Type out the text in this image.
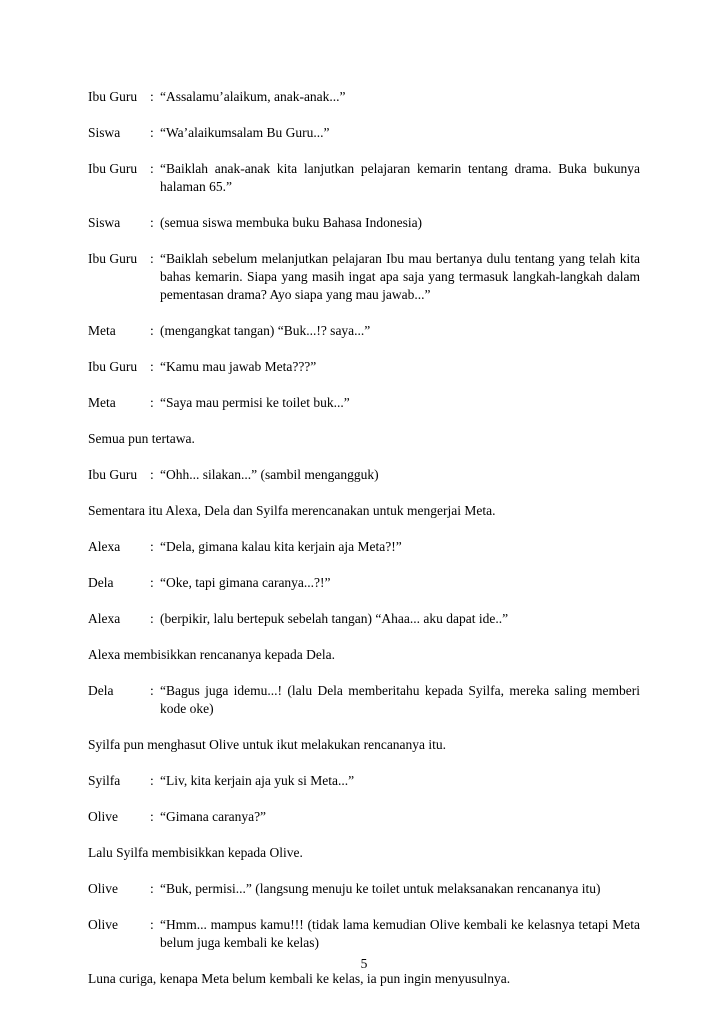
Ibu Guru : “Assalamu’alaikum, anak-anak...”
Siswa	: “Wa’alaikumsalam Bu Guru...”
Ibu Guru : “Baiklah anak-anak kita lanjutkan pelajaran kemarin tentang drama. Buka bukunya halaman 65.”
Siswa	: (semua siswa membuka buku Bahasa Indonesia)
Ibu Guru : “Baiklah sebelum melanjutkan pelajaran Ibu mau bertanya dulu tentang yang telah kita bahas kemarin. Siapa yang masih ingat apa saja yang termasuk langkah-langkah dalam pementasan drama? Ayo siapa yang mau jawab...”
Meta	: (mengangkat tangan) “Buk...!? saya...”
Ibu Guru : “Kamu mau jawab Meta???”
Meta	: “Saya mau permisi ke toilet buk...”
Semua pun tertawa.
Ibu Guru : “Ohh... silakan...” (sambil mengangguk)
Sementara itu Alexa, Dela dan Syilfa merencanakan untuk mengerjai Meta.
Alexa	: “Dela, gimana kalau kita kerjain aja Meta?!”
Dela	: “Oke, tapi gimana caranya...?!”
Alexa	: (berpikir, lalu bertepuk sebelah tangan) “Ahaa... aku dapat ide..”
Alexa membisikkan rencananya kepada Dela.
Dela	: “Bagus juga idemu...! (lalu Dela memberitahu kepada Syilfa, mereka saling memberi kode oke)
Syilfa pun menghasut Olive untuk ikut melakukan rencananya itu.
Syilfa	: “Liv, kita kerjain aja yuk si Meta...”
Olive	: “Gimana caranya?”
Lalu Syilfa membisikkan kepada Olive.
Olive	: “Buk, permisi...” (langsung menuju ke toilet untuk melaksanakan rencananya itu)
Olive	: “Hmm... mampus kamu!!! (tidak lama kemudian Olive kembali ke kelasnya tetapi Meta belum juga kembali ke kelas)
Luna curiga, kenapa Meta belum kembali ke kelas, ia pun ingin menyusulnya.
5
